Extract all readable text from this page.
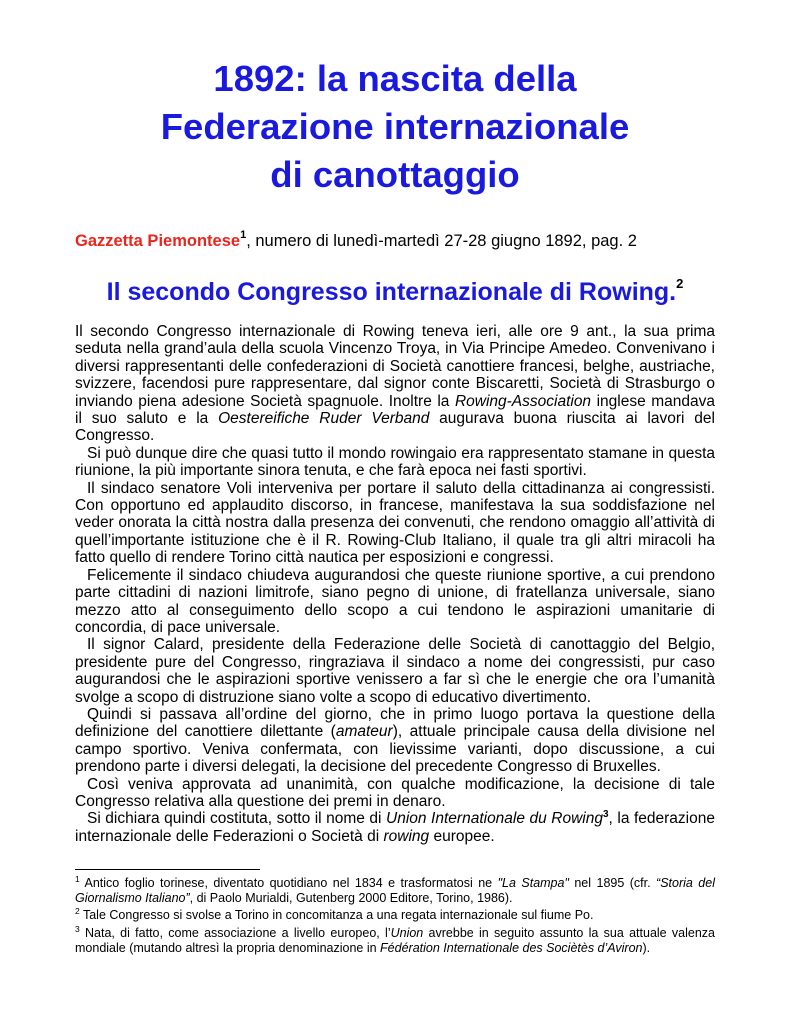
1892: la nascita della
Federazione internazionale
di canottaggio
Gazzetta Piemontese$^1$, numero di lunedì-martedì 27-28 giugno 1892, pag. 2
Il secondo Congresso internazionale di Rowing.$^2$

Il secondo Congresso internazionale di Rowing teneva ieri, alle ore 9 ant., la sua prima seduta nella grand’aula della scuola Vincenzo Troya, in Via Principe Amedeo. Convenivano i diversi rappresentanti delle confederazioni di Società canottiere francesi, belghe, austriache, svizzere, facendosi pure rappresentare, dal signor conte Biscaretti, Società di Strasburgo o inviando piena adesione Società spagnuole. Inoltre la Rowing-Association inglese mandava il suo saluto e la Oestereifiche Ruder Verband augurava buona riuscita ai lavori del Congresso.

Si può dunque dire che quasi tutto il mondo rowingaio era rappresentato stamane in questa riunione, la più importante sinora tenuta, e che farà epoca nei fasti sportivi.

Il sindaco senatore Voli interveniva per portare il saluto della cittadinanza ai congressisti. Con opportuno ed applaudito discorso, in francese, manifestava la sua soddisfazione nel veder onorata la città nostra dalla presenza dei convenuti, che rendono omaggio all’attività di quell’importante istituzione che è il R. Rowing-Club Italiano, il quale tra gli altri miracoli ha fatto quello di rendere Torino città nautica per esposizioni e congressi.

Felicemente il sindaco chiudeva augurandosi che queste riunione sportive, a cui prendono parte cittadini di nazioni limitrofe, siano pegno di unione, di fratellanza universale, siano mezzo atto al conseguimento dello scopo a cui tendono le aspirazioni umanitarie di concordia, di pace universale.

Il signor Calard, presidente della Federazione delle Società di canottaggio del Belgio, presidente pure del Congresso, ringraziava il sindaco a nome dei congressisti, pur caso augurandosi che le aspirazioni sportive venissero a far sì che le energie che ora l’umanità svolge a scopo di distruzione siano volte a scopo di educativo divertimento.

Quindi si passava all’ordine del giorno, che in primo luogo portava la questione della definizione del canottiere dilettante (amateur), attuale principale causa della divisione nel campo sportivo. Veniva confermata, con lievissime varianti, dopo discussione, a cui prendono parte i diversi delegati, la decisione del precedente Congresso di Bruxelles.

Così veniva approvata ad unanimità, con qualche modificazione, la decisione di tale Congresso relativa alla questione dei premi in denaro.

Si dichiara quindi costituta, sotto il nome di Union Internationale du Rowing$^3$, la federazione internazionale delle Federazioni o Società di rowing europee.

$^1$ Antico foglio torinese, diventato quotidiano nel 1834 e trasformatosi ne "La Stampa" nel 1895 (cfr. “Storia del Giornalismo Italiano”, di Paolo Murialdi, Gutenberg 2000 Editore, Torino, 1986).

$^2$ Tale Congresso si svolse a Torino in concomitanza a una regata internazionale sul fiume Po.

$^3$ Nata, di fatto, come associazione a livello europeo, l’Union avrebbe in seguito assunto la sua attuale valenza mondiale (mutando altresì la propria denominazione in Fédération Internationale des Sociètès d’Aviron).
